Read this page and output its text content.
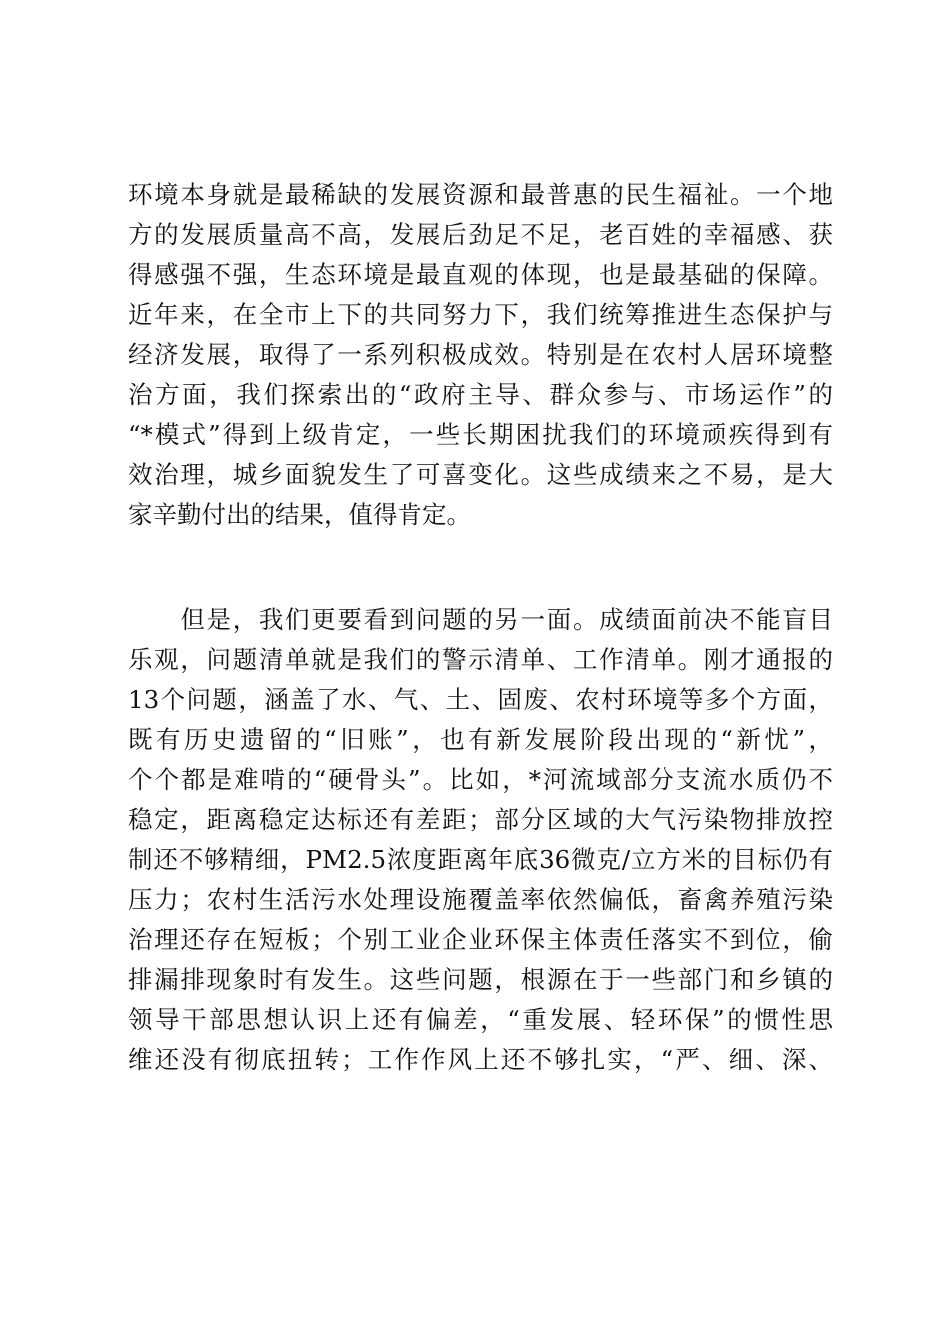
环境本身就是最稀缺的发展资源和最普惠的民生福祉。一个地
方的发展质量高不高，发展后劲足不足，老百姓的幸福感、获
得感强不强，生态环境是最直观的体现，也是最基础的保障。
近年来，在全市上下的共同努力下，我们统筹推进生态保护与
经济发展，取得了一系列积极成效。特别是在农村人居环境整
治方面，我们探索出的“政府主导、群众参与、市场运作”的
“*模式”得到上级肯定，一些长期困扰我们的环境顽疾得到有
效治理，城乡面貌发生了可喜变化。这些成绩来之不易，是大
家辛勤付出的结果，值得肯定。
　　但是，我们更要看到问题的另一面。成绩面前决不能盲目
乐观，问题清单就是我们的警示清单、工作清单。刚才通报的
13个问题，涵盖了水、气、土、固废、农村环境等多个方面，
既有历史遗留的“旧账”，也有新发展阶段出现的“新忧”，
个个都是难啃的“硬骨头”。比如，*河流域部分支流水质仍不
稳定，距离稳定达标还有差距；部分区域的大气污染物排放控
制还不够精细，PM2.5浓度距离年底36微克/立方米的目标仍有
压力；农村生活污水处理设施覆盖率依然偏低，畜禽养殖污染
治理还存在短板；个别工业企业环保主体责任落实不到位，偷
排漏排现象时有发生。这些问题，根源在于一些部门和乡镇的
领导干部思想认识上还有偏差，“重发展、轻环保”的惯性思
维还没有彻底扭转；工作作风上还不够扎实，“严、细、深、
